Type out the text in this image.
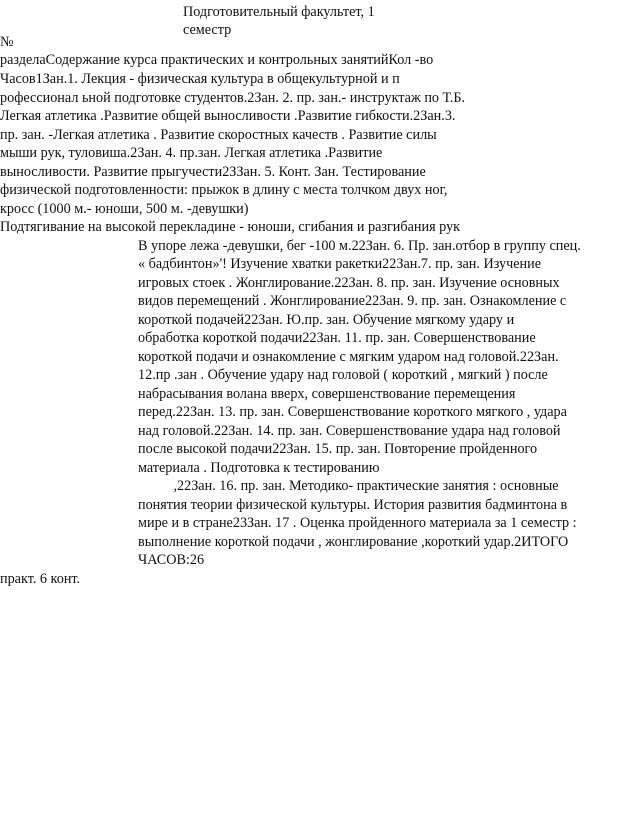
Подготовительный факультет, 1

семестр

№

разделаСодержание курса практических и контрольных занятийКол -во

Часов1Зан.1. Лекция - физическая культура в общекультурной и п

рофессионал ьной подготовке студентов.2Зан. 2. пр. зан.- инструктаж по Т.Б.

Легкая атлетика .Развитие общей выносливости .Развитие гибкости.2Зан.3.

пр. зан. -Легкая атлетика . Развитие скоростных качеств . Развитие силы

мыши рук, туловиша.2Зан. 4. пр.зан. Легкая атлетика .Развитие

выносливости. Развитие прыгучести2ЗЗан. 5. Конт. Зан. Тестирование

физической подготовленности: прыжок в длину с места толчком двух ног,

кросс (1000 м.- юноши, 500 м. -девушки)

Подтягивание на высокой перекладине - юноши, сгибания и разгибания рук

В упоре лежа -девушки, бег -100 м.22Зан. 6. Пр. зан.отбор в группу спец.

« бадбинтон»'! Изучение хватки ракетки22Зан.7. пр. зан. Изучение

игровых стоек . Жонглирование.22Зан. 8. пр. зан. Изучение основных

видов перемещений . Жонглирование22Зан. 9. пр. зан. Ознакомление с

короткой подачей22Зан. Ю.пр. зан. Обучение мягкому удару и

обработка короткой подачи22Зан. 11. пр. зан. Совершенствование

короткой подачи и ознакомление с мягким ударом над головой.22Зан.

12.пр .зан . Обучение удару над головой ( короткий , мягкий ) после

набрасывания волана вверх, совершенствование перемещения

перед.22Зан. 13. пр. зан. Совершенствование короткого мягкого , удара

над головой.22Зан. 14. пр. зан. Совершенствование удара над головой

после высокой подачи22Зан. 15. пр. зан. Повторение пройденного

материала . Подготовка к тестированию

,22Зан. 16. пр. зан. Методико- практические занятия : основные

понятия теории физической культуры. История развития бадминтона в

мире и в стране23Зан. 17 . Оценка пройденного материала за 1 семестр :

выполнение короткой подачи , жонглирование ,короткий удар.2ИТОГО

ЧАСОВ:26

практ. 6 конт.
